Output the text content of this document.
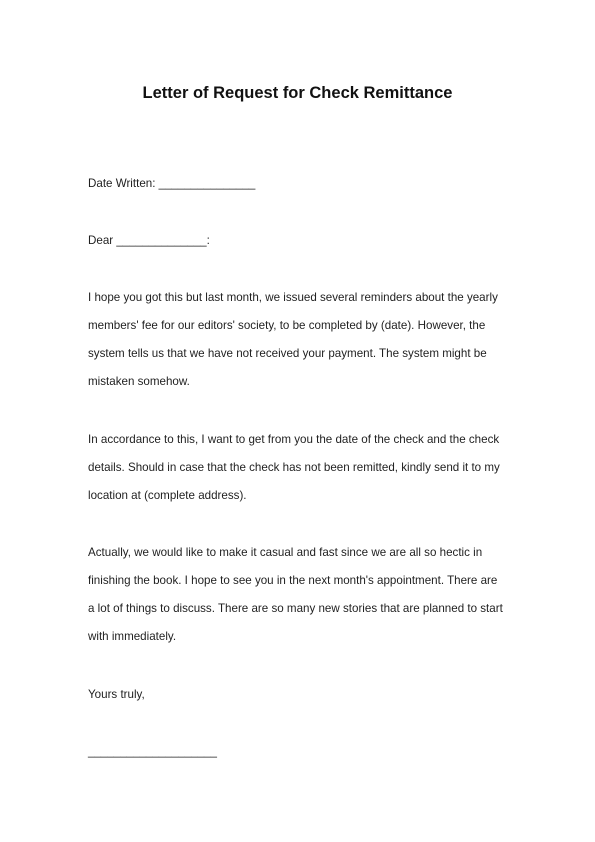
Letter of Request for Check Remittance

Date Written: _______________

Dear ______________:

I hope you got this but last month, we issued several reminders about the yearly
members' fee for our editors' society, to be completed by (date). However, the
system tells us that we have not received your payment. The system might be
mistaken somehow.

In accordance to this, I want to get from you the date of the check and the check
details. Should in case that the check has not been remitted, kindly send it to my
location at (complete address).

Actually, we would like to make it casual and fast since we are all so hectic in
finishing the book. I hope to see you in the next month's appointment. There are
a lot of things to discuss. There are so many new stories that are planned to start
with immediately.

Yours truly,

____________________
